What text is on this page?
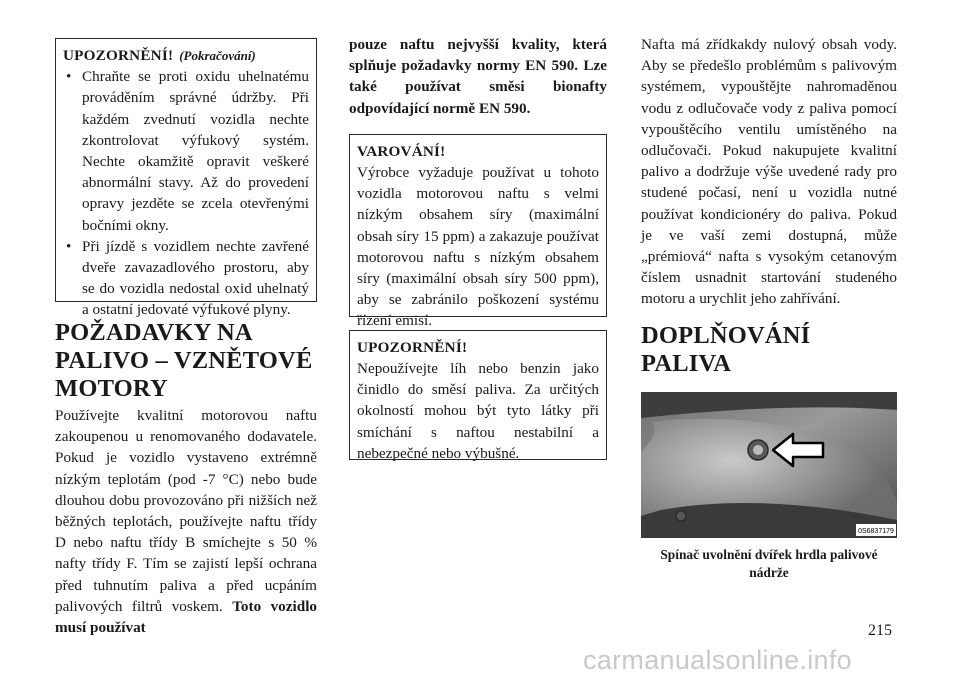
UPOZORNĚNÍ! (Pokračování)
• Chraňte se proti oxidu uhelnatému prováděním správné údržby. Při každém zvednutí vozidla nechte zkontrolovat výfukový systém. Nechte okamžitě opravit veškeré abnormální stavy. Až do provedení opravy jezděte se zcela otevřenými bočními okny.
• Při jízdě s vozidlem nechte zavřené dveře zavazadlového prostoru, aby se do vozidla nedostal oxid uhelnatý a ostatní jedovaté výfukové plyny.
POŽADAVKY NA PALIVO – VZNĚTOVÉ MOTORY
Používejte kvalitní motorovou naftu zakoupenou u renomovaného dodavatele. Pokud je vozidlo vystaveno extrémně nízkým teplotám (pod -7 °C) nebo bude dlouhou dobu provozováno při nižších než běžných teplotách, používejte naftu třídy D nebo naftu třídy B smíchejte s 50 % nafty třídy F. Tím se zajistí lepší ochrana před tuhnutím paliva a před ucpáním palivových filtrů voskem. Toto vozidlo musí používat
pouze naftu nejvyšší kvality, která splňuje požadavky normy EN 590. Lze také používat směsi bionafty odpovídající normě EN 590.
VAROVÁNÍ!
Výrobce vyžaduje používat u tohoto vozidla motorovou naftu s velmi nízkým obsahem síry (maximální obsah síry 15 ppm) a zakazuje používat motorovou naftu s nízkým obsahem síry (maximální obsah síry 500 ppm), aby se zabránilo poškození systému řízení emisí.
UPOZORNĚNÍ!
Nepoužívejte líh nebo benzin jako činidlo do směsí paliva. Za určitých okolností mohou být tyto látky při smíchání s naftou nestabilní a nebezpečné nebo výbušné.
Nafta má zřídkakdy nulový obsah vody. Aby se předešlo problémům s palivovým systémem, vypouštějte nahromaděnou vodu z odlučovače vody z paliva pomocí vypouštěcího ventilu umístěného na odlučovači. Pokud nakupujete kvalitní palivo a dodržuje výše uvedené rady pro studené počasí, není u vozidla nutné používat kondicionéry do paliva. Pokud je ve vaší zemi dostupná, může „prémiová“ nafta s vysokým cetanovým číslem usnadnit startování studeného motoru a urychlit jeho zahřívání.
DOPLŇOVÁNÍ PALIVA
0S6837179
Spínač uvolnění dvířek hrdla palivové nádrže
215
carmanualsonline.info
